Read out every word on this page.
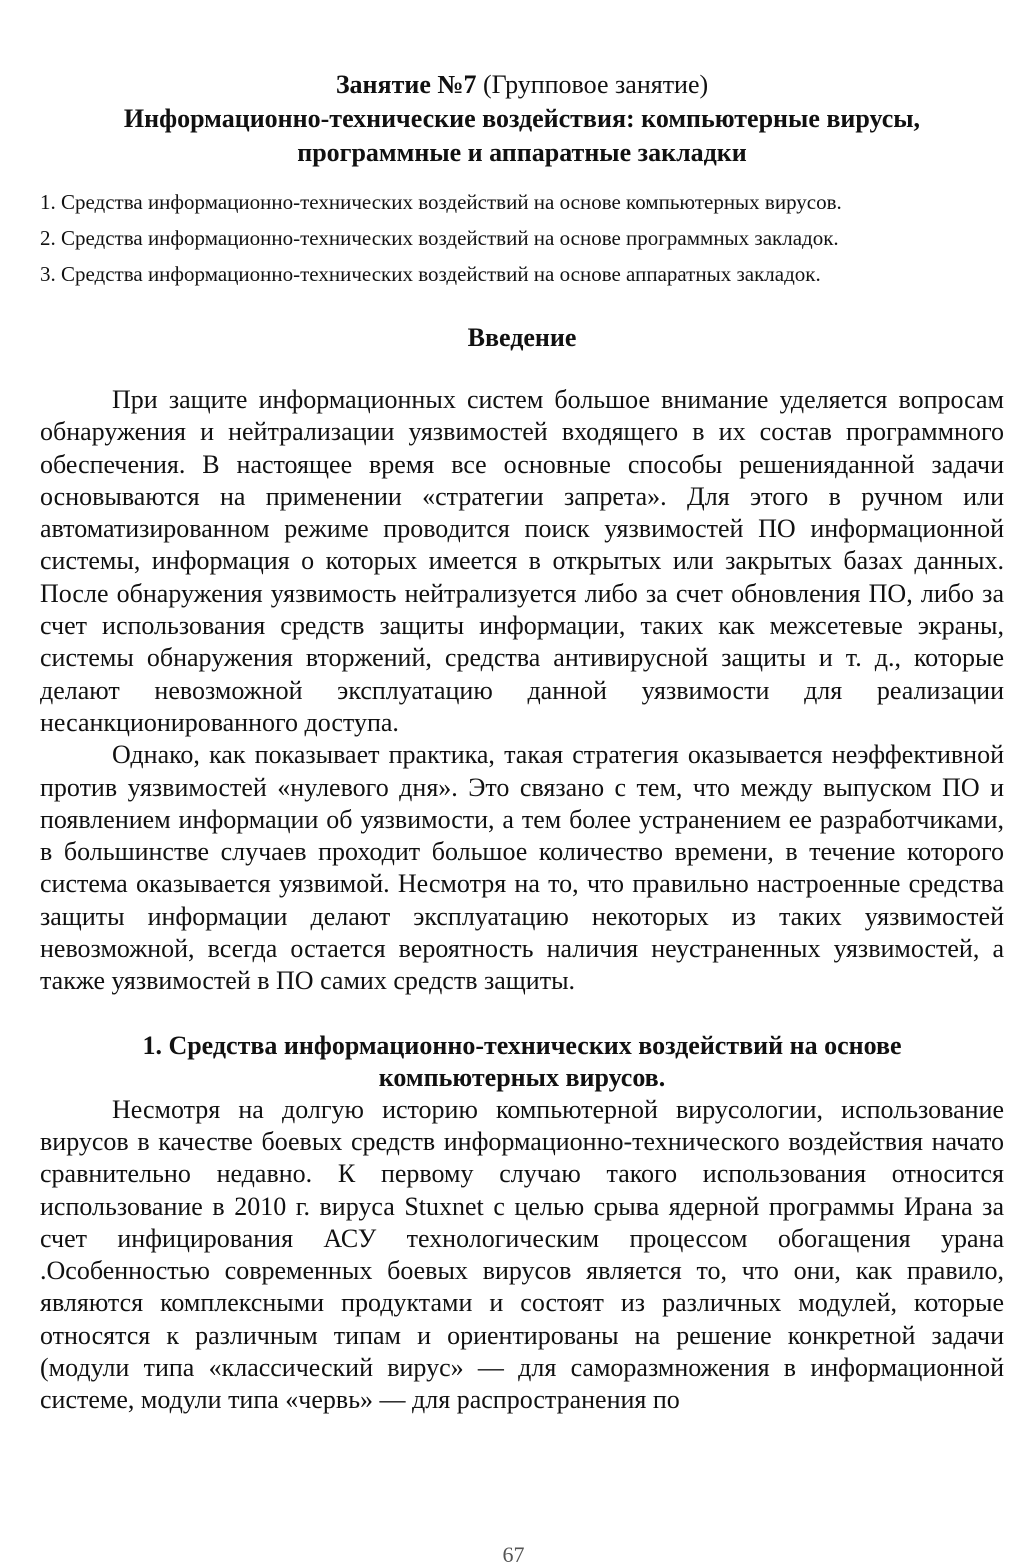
Занятие №7 (Групповое занятие)
Информационно-технические воздействия: компьютерные вирусы,
программные и аппаратные закладки
1. Средства информационно-технических воздействий на основе компьютерных вирусов.
2. Средства информационно-технических воздействий на основе программных закладок.
3. Средства информационно-технических воздействий на основе аппаратных закладок.
Введение

При защите информационных систем большое внимание уделяется вопросам обнаружения и нейтрализации уязвимостей входящего в их состав программного обеспечения. В настоящее время все основные способы решенияданной задачи основываются на применении «стратегии запрета». Для этого в ручном или автоматизированном режиме проводится поиск уязвимостей ПО информационной системы, информация о которых имеется в открытых или закрытых базах данных. После обнаружения уязвимость нейтрализуется либо за счет обновления ПО, либо за счет использования средств защиты информации, таких как межсетевые экраны, системы обнаружения вторжений, средства антивирусной защиты и т. д., которые делают невозможной эксплуатацию данной уязвимости для реализации несанкционированного доступа.

Однако, как показывает практика, такая стратегия оказывается неэффективной против уязвимостей «нулевого дня». Это связано с тем, что между выпуском ПО и появлением информации об уязвимости, а тем более устранением ее разработчиками, в большинстве случаев проходит большое количество времени, в течение которого система оказывается уязвимой. Несмотря на то, что правильно настроенные средства защиты информации делают эксплуатацию некоторых из таких уязвимостей невозможной, всегда остается вероятность наличия неустраненных уязвимостей, а также уязвимостей в ПО самих средств защиты.

1. Средства информационно-технических воздействий на основе
компьютерных вирусов.

Несмотря на долгую историю компьютерной вирусологии, использование вирусов в качестве боевых средств информационно-технического воздействия начато сравнительно недавно. К первому случаю такого использования относится использование в 2010 г. вируса Stuxnet с целью срыва ядерной программы Ирана за счет инфицирования АСУ технологическим процессом обогащения урана .Особенностью современных боевых вирусов является то, что они, как правило, являются комплексными продуктами и состоят из различных модулей, которые относятся к различным типам и ориентированы на решение конкретной задачи (модули типа «классический вирус» — для саморазмножения в информационной системе, модули типа «червь» — для распространения по

67
